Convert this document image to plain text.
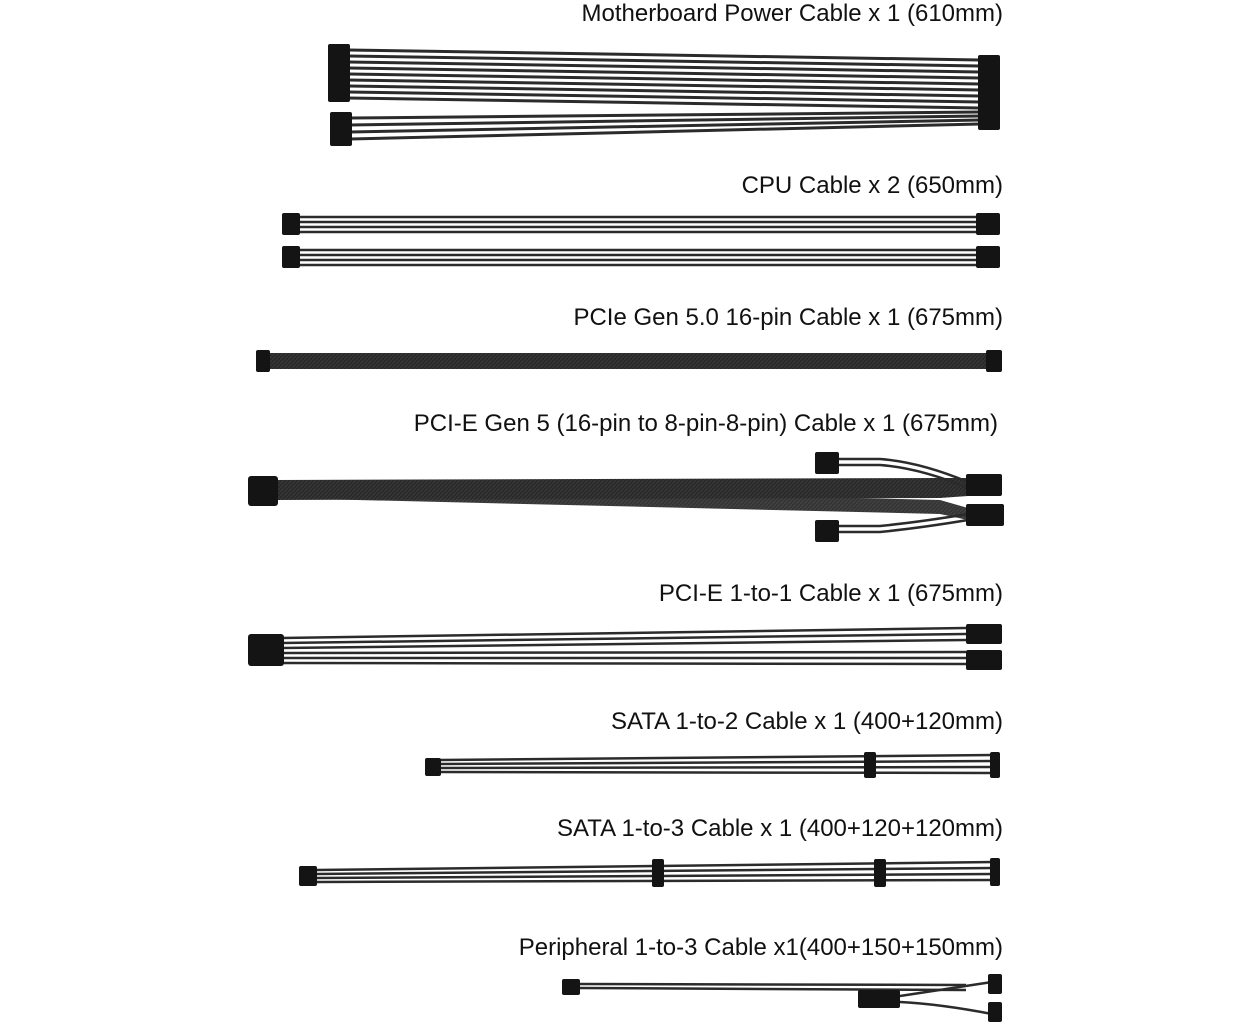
Motherboard Power Cable x 1 (610mm)
CPU Cable x 2 (650mm)
PCIe Gen 5.0 16-pin Cable x 1 (675mm)
PCI-E Gen 5 (16-pin to 8-pin-8-pin) Cable x 1 (675mm)
PCI-E 1-to-1 Cable x 1 (675mm)
SATA 1-to-2 Cable x 1 (400+120mm)
SATA 1-to-3 Cable x 1 (400+120+120mm)
Peripheral 1-to-3 Cable x1(400+150+150mm)
